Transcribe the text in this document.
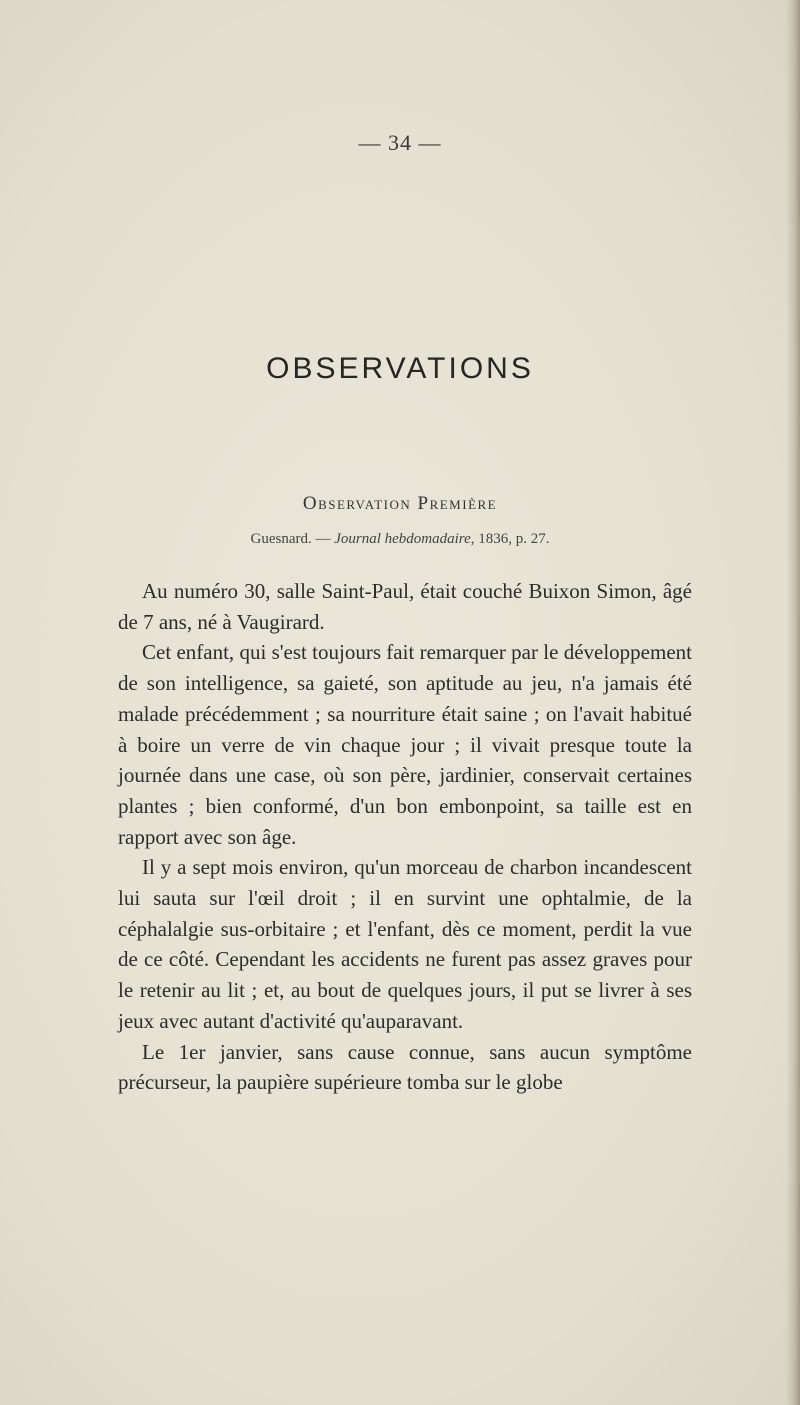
— 34 —
OBSERVATIONS
Observation Première
Guesnard. — Journal hebdomadaire, 1836, p. 27.

Au numéro 30, salle Saint-Paul, était couché Buixon Simon, âgé de 7 ans, né à Vaugirard.

Cet enfant, qui s'est toujours fait remarquer par le développement de son intelligence, sa gaieté, son aptitude au jeu, n'a jamais été malade précédemment ; sa nourriture était saine ; on l'avait habitué à boire un verre de vin chaque jour ; il vivait presque toute la journée dans une case, où son père, jardinier, conservait certaines plantes ; bien conformé, d'un bon embonpoint, sa taille est en rapport avec son âge.

Il y a sept mois environ, qu'un morceau de charbon incandescent lui sauta sur l'œil droit ; il en survint une ophtalmie, de la céphalalgie sus-orbitaire ; et l'enfant, dès ce moment, perdit la vue de ce côté. Cependant les accidents ne furent pas assez graves pour le retenir au lit ; et, au bout de quelques jours, il put se livrer à ses jeux avec autant d'activité qu'auparavant.

Le 1er janvier, sans cause connue, sans aucun symptôme précurseur, la paupière supérieure tomba sur le globe
